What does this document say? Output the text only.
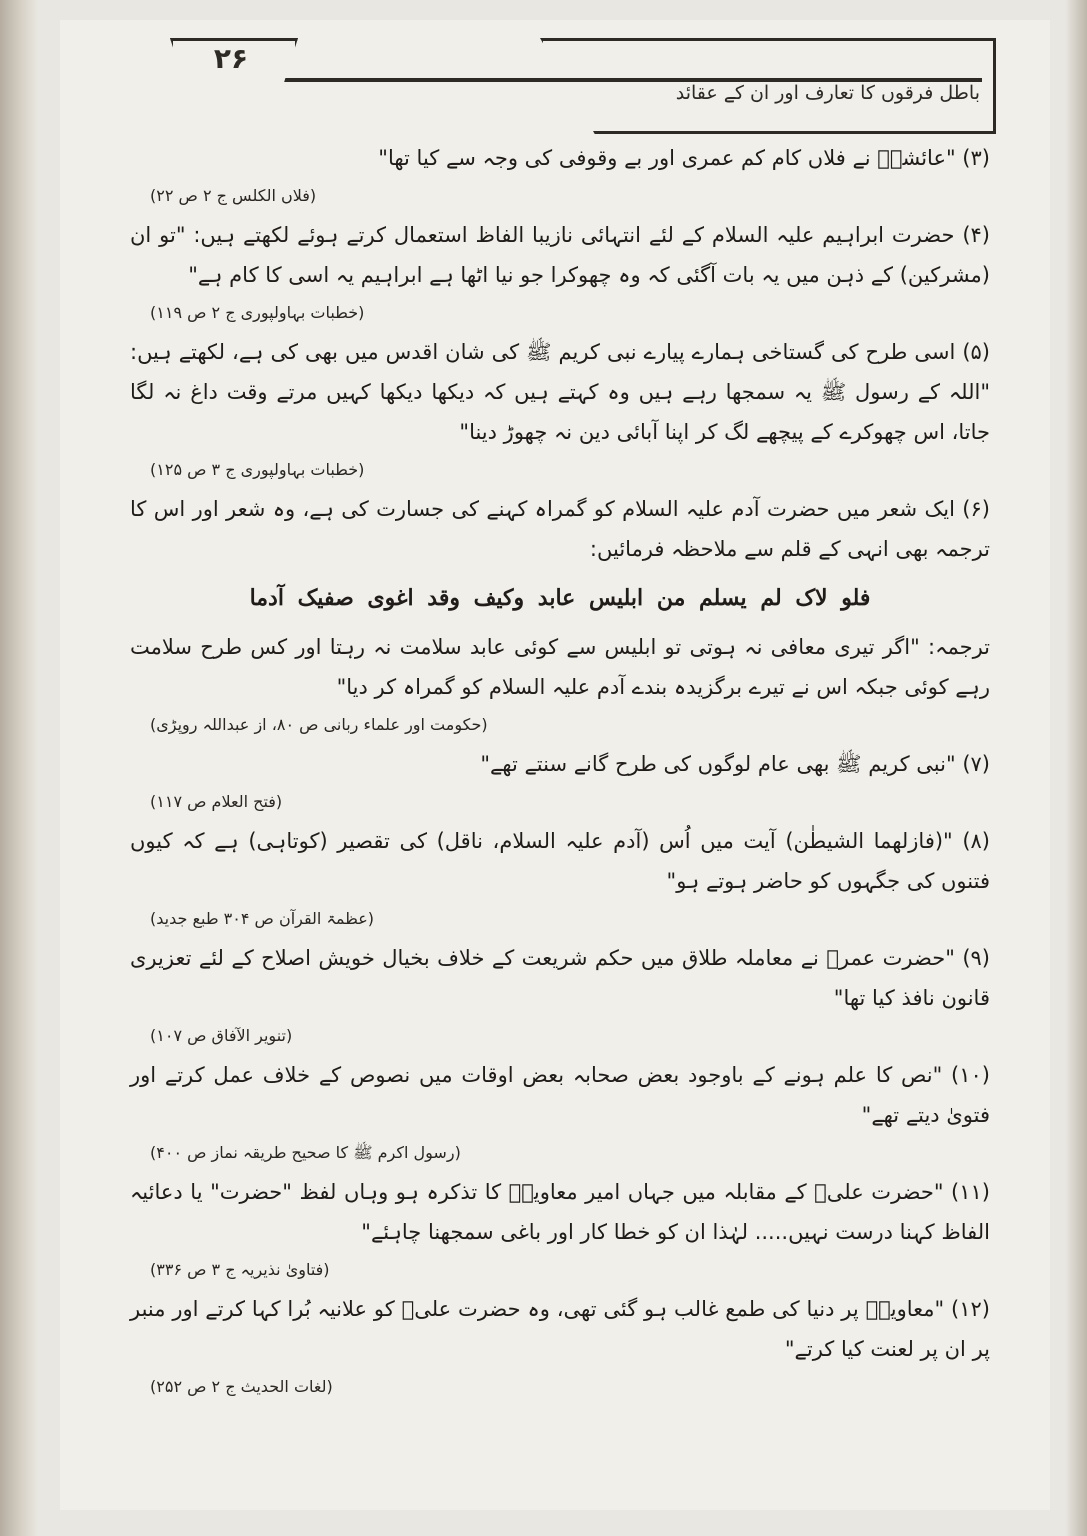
۲۶
باطل فرقوں کا تعارف اور ان کے عقائد
(۳) "عائشہؓ نے فلاں کام کم عمری اور بے وقوفی کی وجہ سے کیا تھا"
(فلاں الکلس ج ۲ ص ۲۲)
(۴) حضرت ابراہیم علیہ السلام کے لئے انتہائی نازیبا الفاظ استعمال کرتے ہوئے لکھتے ہیں: "تو ان (مشرکین) کے ذہن میں یہ بات آگئی کہ وہ چھوکرا جو نیا اٹھا ہے ابراہیم یہ اسی کا کام ہے"
(خطبات بہاولپوری ج ۲ ص ۱۱۹)
(۵) اسی طرح کی گستاخی ہمارے پیارے نبی کریم ﷺ کی شان اقدس میں بھی کی ہے، لکھتے ہیں: "اللہ کے رسول ﷺ یہ سمجھا رہے ہیں وہ کہتے ہیں کہ دیکھا دیکھا کہیں مرتے وقت داغ نہ لگا جاتا، اس چھوکرے کے پیچھے لگ کر اپنا آبائی دین نہ چھوڑ دینا"
(خطبات بہاولپوری ج ۳ ص ۱۲۵)
(۶) ایک شعر میں حضرت آدم علیہ السلام کو گمراہ کہنے کی جسارت کی ہے، وہ شعر اور اس کا ترجمہ بھی انہی کے قلم سے ملاحظہ فرمائیں:
فلو لاک لم یسلم من ابلیس عابد وکیف وقد اغوی صفیک آدما
ترجمہ: "اگر تیری معافی نہ ہوتی تو ابلیس سے کوئی عابد سلامت نہ رہتا اور کس طرح سلامت رہے کوئی جبکہ اس نے تیرے برگزیدہ بندے آدم علیہ السلام کو گمراہ کر دیا"
(حکومت اور علماء ربانی ص ۸۰، از عبداللہ روپڑی)
(۷) "نبی کریم ﷺ بھی عام لوگوں کی طرح گانے سنتے تھے"
(فتح العلام ص ۱۱۷)
(۸) "(فازلهما الشیطٰن) آیت میں اُس (آدم علیہ السلام، ناقل) کی تقصیر (کوتاہی) ہے کہ کیوں فتنوں کی جگہوں کو حاضر ہوتے ہو"
(عظمۃ القرآن ص ۳۰۴ طبع جدید)
(۹) "حضرت عمرؓ نے معاملہ طلاق میں حکم شریعت کے خلاف بخیال خویش اصلاح کے لئے تعزیری قانون نافذ کیا تھا"
(تنویر الآفاق ص ۱۰۷)
(۱۰) "نص کا علم ہونے کے باوجود بعض صحابہ بعض اوقات میں نصوص کے خلاف عمل کرتے اور فتویٰ دیتے تھے"
(رسول اکرم ﷺ کا صحیح طریقہ نماز ص ۴۰۰)
(۱۱) "حضرت علیؓ کے مقابلہ میں جہاں امیر معاویہؓ کا تذکرہ ہو وہاں لفظ "حضرت" یا دعائیہ الفاظ کہنا درست نہیں..... لہٰذا ان کو خطا کار اور باغی سمجھنا چاہئے"
(فتاویٰ نذیریہ ج ۳ ص ۳۳۶)
(۱۲) "معاویہؓ پر دنیا کی طمع غالب ہو گئی تھی، وہ حضرت علیؓ کو علانیہ بُرا کہا کرتے اور منبر پر ان پر لعنت کیا کرتے"
(لغات الحدیث ج ۲ ص ۲۵۲)
